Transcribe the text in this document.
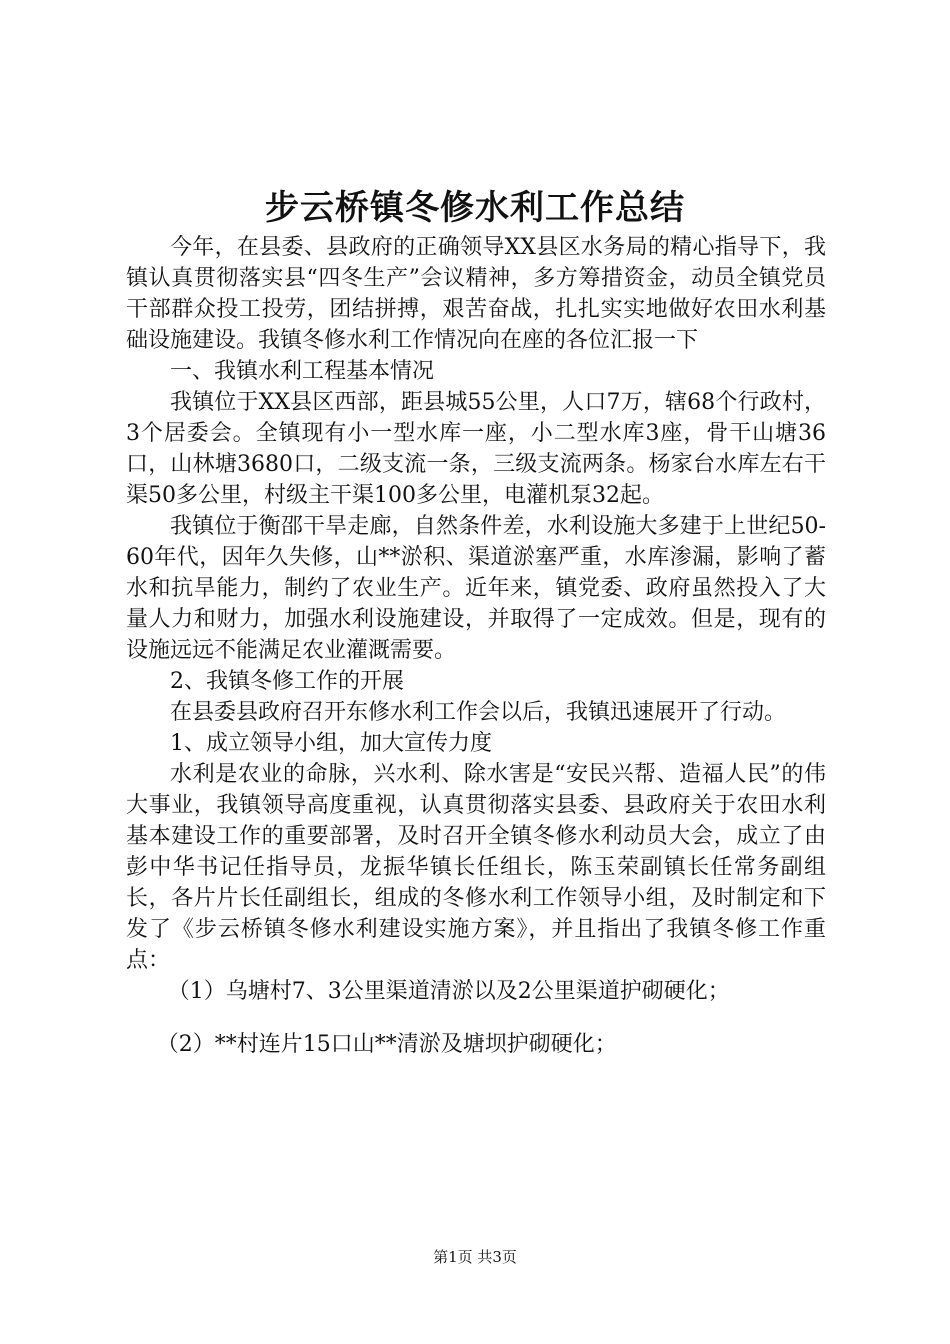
步云桥镇冬修水利工作总结

今年，在县委、县政府的正确领导XX县区水务局的精心指导下，我镇认真贯彻落实县“四冬生产”会议精神，多方筹措资金，动员全镇党员干部群众投工投劳，团结拼搏，艰苦奋战，扎扎实实地做好农田水利基础设施建设。我镇冬修水利工作情况向在座的各位汇报一下

一、我镇水利工程基本情况

我镇位于XX县区西部，距县城55公里，人口7万，辖68个行政村，3个居委会。全镇现有小一型水库一座，小二型水库3座，骨干山塘36口，山林塘3680口，二级支流一条，三级支流两条。杨家台水库左右干渠50多公里，村级主干渠100多公里，电灌机泵32起。

我镇位于衡邵干旱走廊，自然条件差，水利设施大多建于上世纪50-60年代，因年久失修，山**淤积、渠道淤塞严重，水库渗漏，影响了蓄水和抗旱能力，制约了农业生产。近年来，镇党委、政府虽然投入了大量人力和财力，加强水利设施建设，并取得了一定成效。但是，现有的设施远远不能满足农业灌溉需要。

2、我镇冬修工作的开展

在县委县政府召开东修水利工作会以后，我镇迅速展开了行动。

1、成立领导小组，加大宣传力度

水利是农业的命脉，兴水利、除水害是“安民兴帮、造福人民”的伟大事业，我镇领导高度重视，认真贯彻落实县委、县政府关于农田水利基本建设工作的重要部署，及时召开全镇冬修水利动员大会，成立了由彭中华书记任指导员，龙振华镇长任组长，陈玉荣副镇长任常务副组长，各片片长任副组长，组成的冬修水利工作领导小组，及时制定和下发了《步云桥镇冬修水利建设实施方案》，并且指出了我镇冬修工作重点：

（1）乌塘村7、3公里渠道清淤以及2公里渠道护砌硬化；

（2）**村连片15口山**清淤及塘坝护砌硬化；

第1页 共3页
